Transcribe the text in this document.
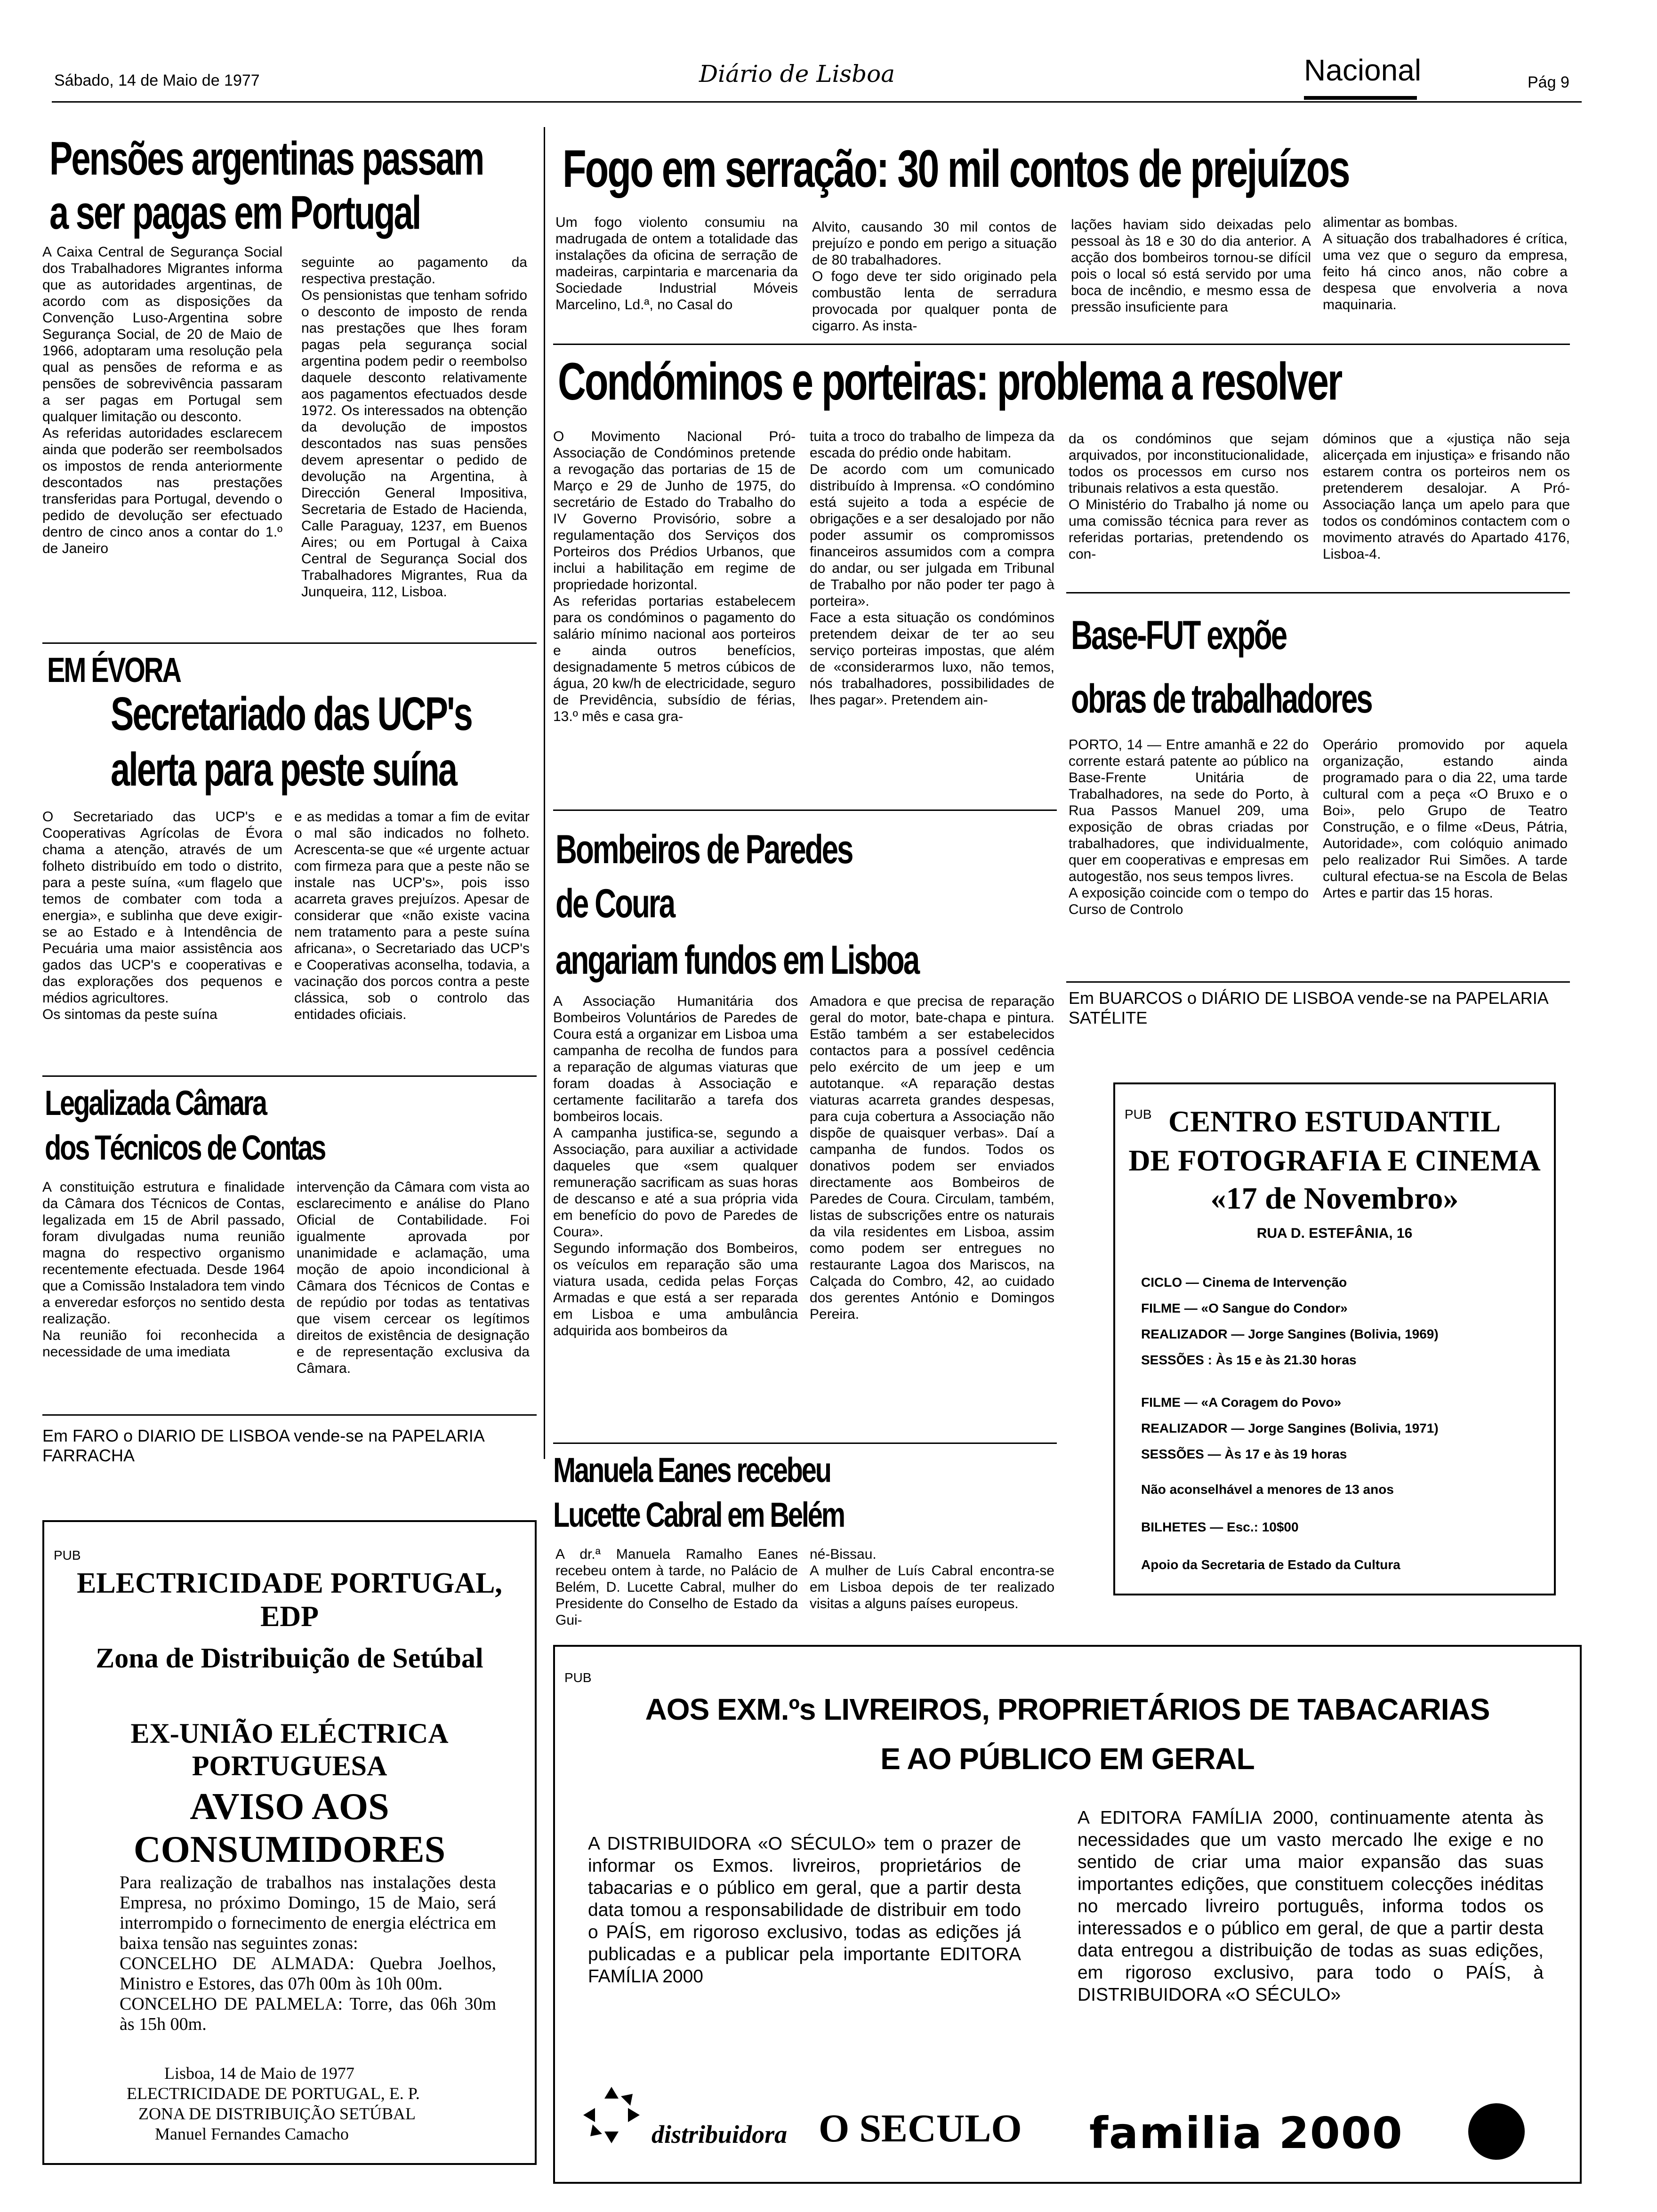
Sábado, 14 de Maio de 1977	Diário de Lisboa	Nacional	Pág 9
Pensões argentinas passam
a ser pagas em Portugal
A Caixa Central de Segurança Social dos Trabalhadores Migrantes informa que as autoridades argentinas, de acordo com as disposições da Convenção Luso-Argentina sobre Segurança Social, de 20 de Maio de 1966, adoptaram uma resolução pela qual as pensões de reforma e as pensões de sobrevivência passaram a ser pagas em Portugal sem qualquer limitação ou desconto.
As referidas autoridades esclarecem ainda que poderão ser reembolsados os impostos de renda anteriormente descontados nas prestações transferidas para Portugal, devendo o pedido de devolução ser efectuado dentro de cinco anos a contar do 1.º de Janeiro
seguinte ao pagamento da respectiva prestação.
Os pensionistas que tenham sofrido o desconto de imposto de renda nas prestações que lhes foram pagas pela segurança social argentina podem pedir o reembolso daquele desconto relativamente aos pagamentos efectuados desde 1972. Os interessados na obtenção da devolução de impostos descontados nas suas pensões devem apresentar o pedido de devolução na Argentina, à Dirección General Impositiva, Secretaria de Estado de Hacienda, Calle Paraguay, 1237, em Buenos Aires; ou em Portugal à Caixa Central de Segurança Social dos Trabalhadores Migrantes, Rua da Junqueira, 112, Lisboa.
Fogo em serração: 30 mil contos de prejuízos
Um fogo violento consumiu na madrugada de ontem a totalidade das instalações da oficina de serração de madeiras, carpintaria e marcenaria da Sociedade Industrial Móveis Marcelino, Ld.ª, no Casal do
Alvito, causando 30 mil contos de prejuízo e pondo em perigo a situação de 80 trabalhadores.
O fogo deve ter sido originado pela combustão lenta de serradura provocada por qualquer ponta de cigarro. As insta-
lações haviam sido deixadas pelo pessoal às 18 e 30 do dia anterior. A acção dos bombeiros tornou-se difícil pois o local só está servido por uma boca de incêndio, e mesmo essa de pressão insuficiente para
alimentar as bombas.
A situação dos trabalhadores é crítica, uma vez que o seguro da empresa, feito há cinco anos, não cobre a despesa que envolveria a nova maquinaria.
Condóminos e porteiras: problema a resolver
O Movimento Nacional Pró-Associação de Condóminos pretende a revogação das portarias de 15 de Março e 29 de Junho de 1975, do secretário de Estado do Trabalho do IV Governo Provisório, sobre a regulamentação dos Serviços dos Porteiros dos Prédios Urbanos, que inclui a habilitação em regime de propriedade horizontal.
As referidas portarias estabelecem para os condóminos o pagamento do salário mínimo nacional aos porteiros e ainda outros benefícios, designadamente 5 metros cúbicos de água, 20 kw/h de electricidade, seguro de Previdência, subsídio de férias, 13.º mês e casa gra-
tuita a troco do trabalho de limpeza da escada do prédio onde habitam.
De acordo com um comunicado distribuído à Imprensa. «O condómino está sujeito a toda a espécie de obrigações e a ser desalojado por não poder assumir os compromissos financeiros assumidos com a compra do andar, ou ser julgada em Tribunal de Trabalho por não poder ter pago à porteira».
Face a esta situação os condóminos pretendem deixar de ter ao seu serviço porteiras impostas, que além de «considerarmos luxo, não temos, nós trabalhadores, possibilidades de lhes pagar». Pretendem ain-
da os condóminos que sejam arquivados, por inconstitucionalidade, todos os processos em curso nos tribunais relativos a esta questão.
O Ministério do Trabalho já nome ou uma comissão técnica para rever as referidas portarias, pretendendo os con-
dóminos que a «justiça não seja alicerçada em injustiça» e frisando não estarem contra os porteiros nem os pretenderem desalojar. A Pró-Associação lança um apelo para que todos os condóminos contactem com o movimento através do Apartado 4176, Lisboa-4.
EM ÉVORA
Secretariado das UCP's
alerta para peste suína
O Secretariado das UCP's e Cooperativas Agrícolas de Évora chama a atenção, através de um folheto distribuído em todo o distrito, para a peste suína, «um flagelo que temos de combater com toda a energia», e sublinha que deve exigir-se ao Estado e à Intendência de Pecuária uma maior assistência aos gados das UCP's e cooperativas e das explorações dos pequenos e médios agricultores.
Os sintomas da peste suína
e as medidas a tomar a fim de evitar o mal são indicados no folheto. Acrescenta-se que «é urgente actuar com firmeza para que a peste não se instale nas UCP's», pois isso acarreta graves prejuízos. Apesar de considerar que «não existe vacina nem tratamento para a peste suína africana», o Secretariado das UCP's e Cooperativas aconselha, todavia, a vacinação dos porcos contra a peste clássica, sob o controlo das entidades oficiais.
Legalizada Câmara
dos Técnicos de Contas
A constituição estrutura e finalidade da Câmara dos Técnicos de Contas, legalizada em 15 de Abril passado, foram divulgadas numa reunião magna do respectivo organismo recentemente efectuada. Desde 1964 que a Comissão Instaladora tem vindo a enveredar esforços no sentido desta realização.
Na reunião foi reconhecida a necessidade de uma imediata
intervenção da Câmara com vista ao esclarecimento e análise do Plano Oficial de Contabilidade. Foi igualmente aprovada por unanimidade e aclamação, uma moção de apoio incondicional à Câmara dos Técnicos de Contas e de repúdio por todas as tentativas que visem cercear os legítimos direitos de existência de designação e de representação exclusiva da Câmara.
Em FARO o DIARIO DE LISBOA vende-se na PAPELARIA FARRACHA
Bombeiros de Paredes
de Coura
angariam fundos em Lisboa
A Associação Humanitária dos Bombeiros Voluntários de Paredes de Coura está a organizar em Lisboa uma campanha de recolha de fundos para a reparação de algumas viaturas que foram doadas à Associação e certamente facilitarão a tarefa dos bombeiros locais.
A campanha justifica-se, segundo a Associação, para auxiliar a actividade daqueles que «sem qualquer remuneração sacrificam as suas horas de descanso e até a sua própria vida em benefício do povo de Paredes de Coura».
Segundo informação dos Bombeiros, os veículos em reparação são uma viatura usada, cedida pelas Forças Armadas e que está a ser reparada em Lisboa e uma ambulância adquirida aos bombeiros da
Amadora e que precisa de reparação geral do motor, bate-chapa e pintura. Estão também a ser estabelecidos contactos para a possível cedência pelo exército de um jeep e um autotanque. «A reparação destas viaturas acarreta grandes despesas, para cuja cobertura a Associação não dispõe de quaisquer verbas». Daí a campanha de fundos. Todos os donativos podem ser enviados directamente aos Bombeiros de Paredes de Coura. Circulam, também, listas de subscrições entre os naturais da vila residentes em Lisboa, assim como podem ser entregues no restaurante Lagoa dos Mariscos, na Calçada do Combro, 42, ao cuidado dos gerentes António e Domingos Pereira.
Base-FUT expõe
obras de trabalhadores
PORTO, 14 — Entre amanhã e 22 do corrente estará patente ao público na Base-Frente Unitária de Trabalhadores, na sede do Porto, à Rua Passos Manuel 209, uma exposição de obras criadas por trabalhadores, que individualmente, quer em cooperativas e empresas em autogestão, nos seus tempos livres.
A exposição coincide com o tempo do Curso de Controlo
Operário promovido por aquela organização, estando ainda programado para o dia 22, uma tarde cultural com a peça «O Bruxo e o Boi», pelo Grupo de Teatro Construção, e o filme «Deus, Pátria, Autoridade», com colóquio animado pelo realizador Rui Simões. A tarde cultural efectua-se na Escola de Belas Artes e partir das 15 horas.
Em BUARCOS o DIÁRIO DE LISBOA vende-se na PAPELARIA SATÉLITE
PUB CENTRO ESTUDANTIL
DE FOTOGRAFIA E CINEMA
«17 de Novembro»
RUA D. ESTEFÂNIA, 16
CICLO — Cinema de Intervenção
FILME — «O Sangue do Condor»
REALIZADOR — Jorge Sangines (Bolivia, 1969)
SESSÕES : Às 15 e às 21.30 horas
FILME — «A Coragem do Povo»
REALIZADOR — Jorge Sangines (Bolivia, 1971)
SESSÕES — Às 17 e às 19 horas
Não aconselhável a menores de 13 anos
BILHETES — Esc.: 10$00
Apoio da Secretaria de Estado da Cultura
Manuela Eanes recebeu
Lucette Cabral em Belém
A dr.ª Manuela Ramalho Eanes recebeu ontem à tarde, no Palácio de Belém, D. Lucette Cabral, mulher do Presidente do Conselho de Estado da Gui-
né-Bissau.
A mulher de Luís Cabral encontra-se em Lisboa depois de ter realizado visitas a alguns países europeus.
PUB
ELECTRICIDADE PORTUGAL, EDP
Zona de Distribuição de Setúbal
EX-UNIÃO ELÉCTRICA PORTUGUESA
AVISO AOS CONSUMIDORES
Para realização de trabalhos nas instalações desta Empresa, no próximo Domingo, 15 de Maio, será interrompido o fornecimento de energia eléctrica em baixa tensão nas seguintes zonas:
CONCELHO DE ALMADA: Quebra Joelhos, Ministro e Estores, das 07h 00m às 10h 00m.
CONCELHO DE PALMELA: Torre, das 06h 30m às 15h 00m.
Lisboa, 14 de Maio de 1977
ELECTRICIDADE DE PORTUGAL, E. P.
ZONA DE DISTRIBUIÇÃO SETÚBAL
Manuel Fernandes Camacho
PUB
AOS EXM.ºs LIVREIROS, PROPRIETÁRIOS DE TABACARIAS
E AO PÚBLICO EM GERAL
A DISTRIBUIDORA «O SÉCULO» tem o prazer de informar os Exmos. livreiros, proprietários de tabacarias e o público em geral, que a partir desta data tomou a responsabilidade de distribuir em todo o PAÍS, em rigoroso exclusivo, todas as edições já publicadas e a publicar pela importante EDITORA FAMÍLIA 2000
A EDITORA FAMÍLIA 2000, continuamente atenta às necessidades que um vasto mercado lhe exige e no sentido de criar uma maior expansão das suas importantes edições, que constituem colecções inéditas no mercado livreiro português, informa todos os interessados e o público em geral, de que a partir desta data entregou a distribuição de todas as suas edições, em rigoroso exclusivo, para todo o PAÍS, à DISTRIBUIDORA «O SÉCULO»
distribuidora O SECULO familia 2000
